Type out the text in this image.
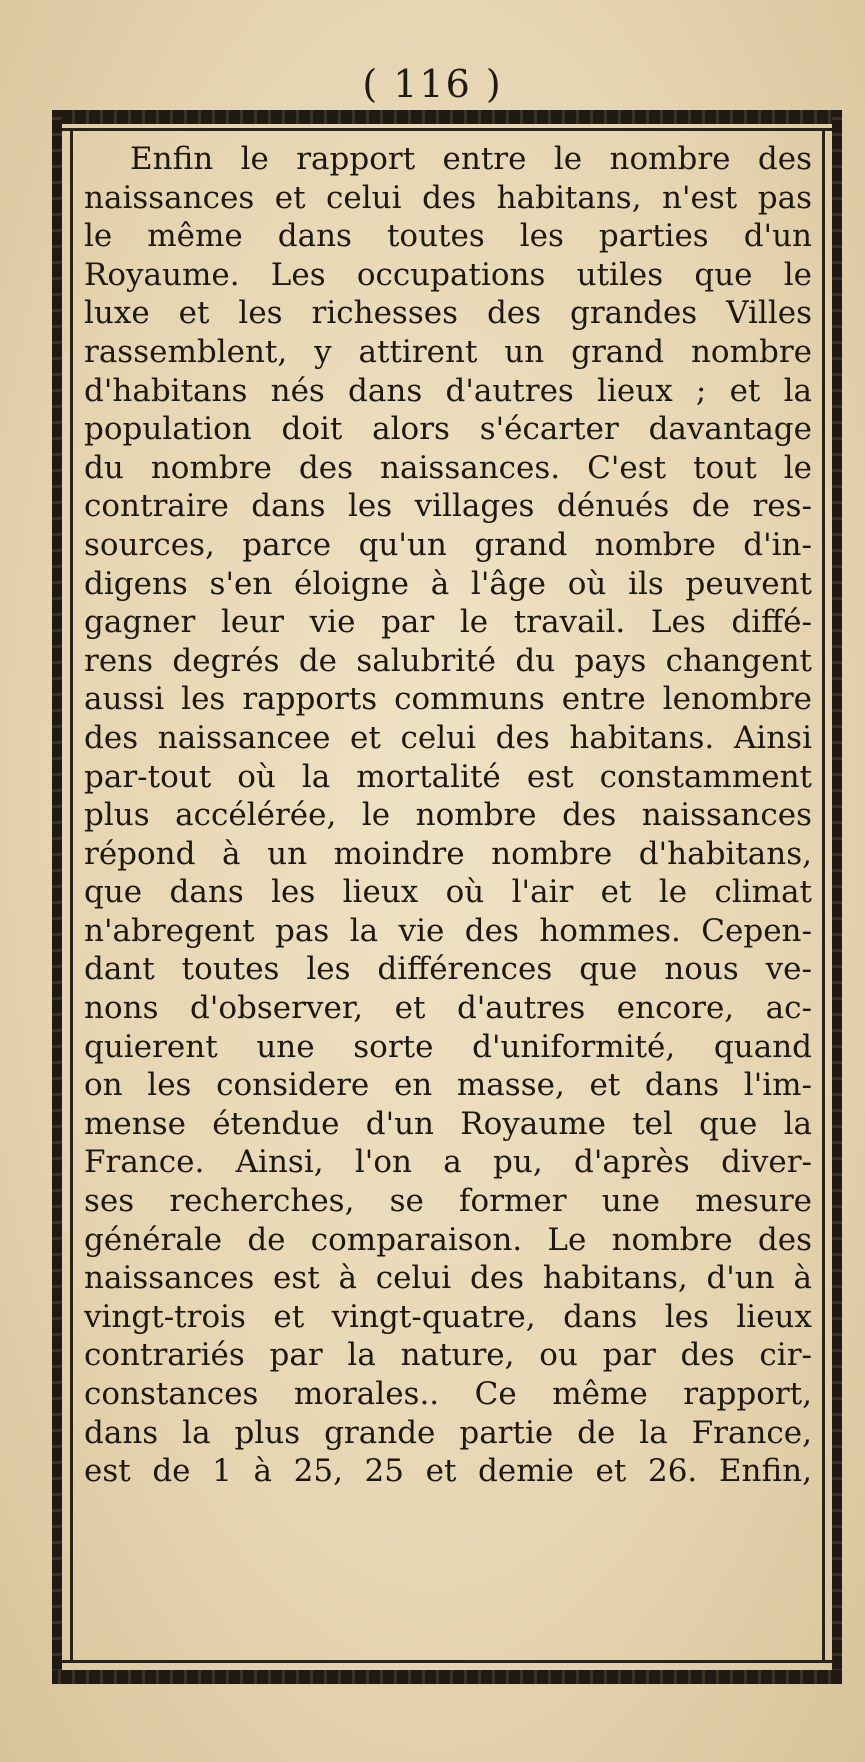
( 116 )
Enfin le rapport entre le nombre des
naissances et celui des habitans, n'est pas
le même dans toutes les parties d'un
Royaume. Les occupations utiles que le
luxe et les richesses des grandes Villes
rassemblent, y attirent un grand nombre
d'habitans nés dans d'autres lieux ; et la
population doit alors s'écarter davantage
du nombre des naissances. C'est tout le
contraire dans les villages dénués de res-
sources, parce qu'un grand nombre d'in-
digens s'en éloigne à l'âge où ils peuvent
gagner leur vie par le travail. Les diffé-
rens degrés de salubrité du pays changent
aussi les rapports communs entre lenombre
des naissancee et celui des habitans. Ainsi
par-tout où la mortalité est constamment
plus accélérée, le nombre des naissances
répond à un moindre nombre d'habitans,
que dans les lieux où l'air et le climat
n'abregent pas la vie des hommes. Cepen-
dant toutes les différences que nous ve-
nons d'observer, et d'autres encore, ac-
quierent une sorte d'uniformité, quand
on les considere en masse, et dans l'im-
mense étendue d'un Royaume tel que la
France. Ainsi, l'on a pu, d'après diver-
ses recherches, se former une mesure
générale de comparaison. Le nombre des
naissances est à celui des habitans, d'un à
vingt-trois et vingt-quatre, dans les lieux
contrariés par la nature, ou par des cir-
constances morales.. Ce même rapport,
dans la plus grande partie de la France,
est de 1 à 25, 25 et demie et 26. Enfin,
